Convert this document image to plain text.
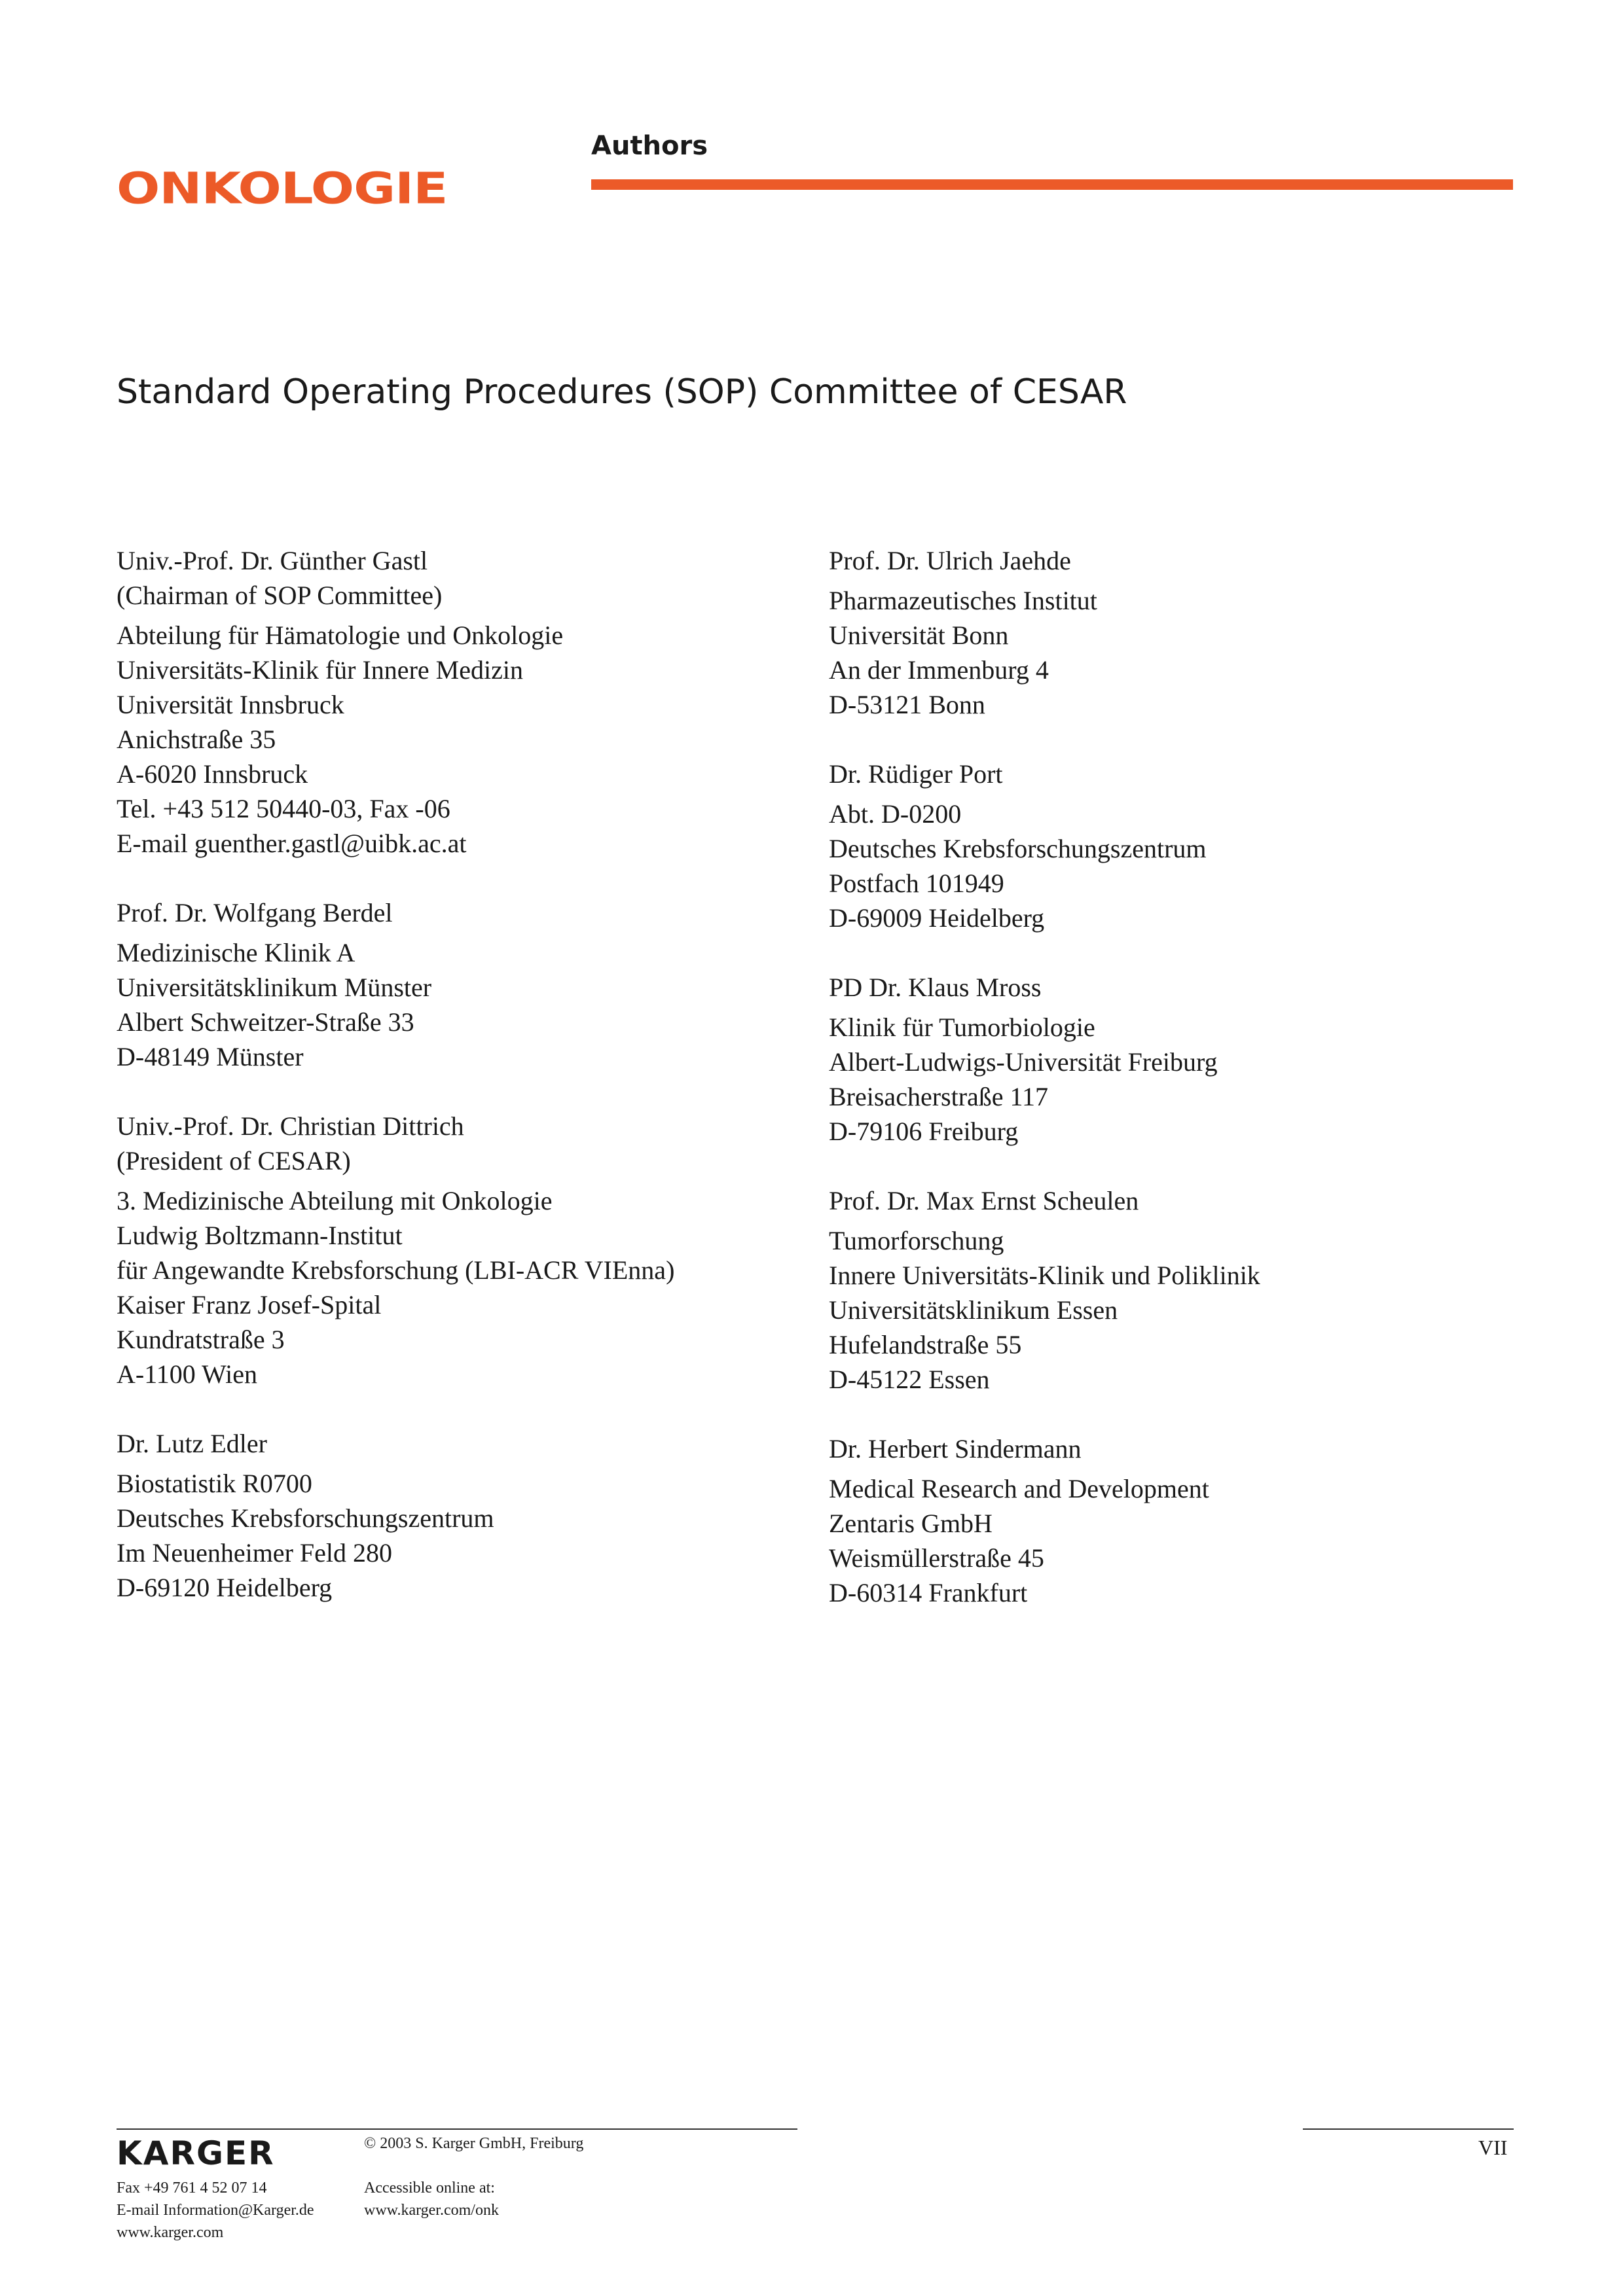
ONKOLOGIE
Authors
Standard Operating Procedures (SOP) Committee of CESAR
Univ.-Prof. Dr. Günther Gastl
(Chairman of SOP Committee)
Abteilung für Hämatologie und Onkologie
Universitäts-Klinik für Innere Medizin
Universität Innsbruck
Anichstraße 35
A-6020 Innsbruck
Tel. +43 512 50440-03, Fax -06
E-mail guenther.gastl@uibk.ac.at
Prof. Dr. Wolfgang Berdel
Medizinische Klinik A
Universitätsklinikum Münster
Albert Schweitzer-Straße 33
D-48149 Münster
Univ.-Prof. Dr. Christian Dittrich
(President of CESAR)
3. Medizinische Abteilung mit Onkologie
Ludwig Boltzmann-Institut
für Angewandte Krebsforschung (LBI-ACR VIEnna)
Kaiser Franz Josef-Spital
Kundratstraße 3
A-1100 Wien
Dr. Lutz Edler
Biostatistik R0700
Deutsches Krebsforschungszentrum
Im Neuenheimer Feld 280
D-69120 Heidelberg
Prof. Dr. Ulrich Jaehde
Pharmazeutisches Institut
Universität Bonn
An der Immenburg 4
D-53121 Bonn
Dr. Rüdiger Port
Abt. D-0200
Deutsches Krebsforschungszentrum
Postfach 101949
D-69009 Heidelberg
PD Dr. Klaus Mross
Klinik für Tumorbiologie
Albert-Ludwigs-Universität Freiburg
Breisacherstraße 117
D-79106 Freiburg
Prof. Dr. Max Ernst Scheulen
Tumorforschung
Innere Universitäts-Klinik und Poliklinik
Universitätsklinikum Essen
Hufelandstraße 55
D-45122 Essen
Dr. Herbert Sindermann
Medical Research and Development
Zentaris GmbH
Weismüllerstraße 45
D-60314 Frankfurt
KARGER
Fax +49 761 4 52 07 14
E-mail Information@Karger.de
www.karger.com
© 2003 S. Karger GmbH, Freiburg
Accessible online at:
www.karger.com/onk
VII
